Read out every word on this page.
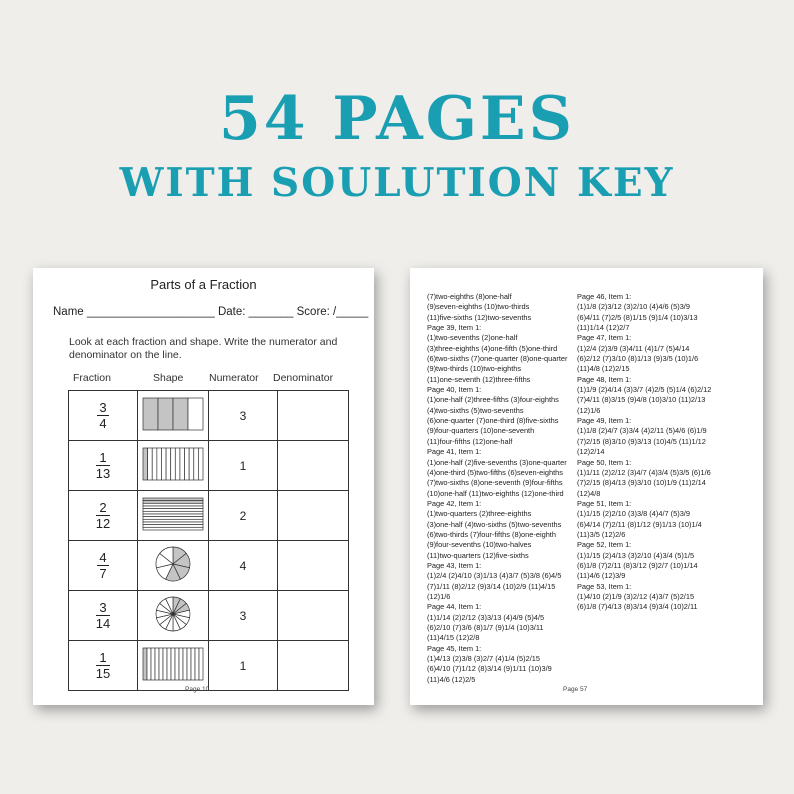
54 PAGES
WITH SOULUTION KEY
Parts of a Fraction
Name ____________________ Date: _______ Score: /_____
Look at each fraction and shape. Write the numerator and denominator on the line.
Fraction	Shape Numerator Denominator
$\frac{3}{4}$		3	

$\frac{1}{13}$		1	

$\frac{2}{12}$		2	

$\frac{4}{7}$		4	

$\frac{3}{14}$		3	

$\frac{1}{15}$		1	
Page 10
(7)two-eighths (8)one-half
(9)seven-eighths (10)two-thirds
(11)five-sixths (12)two-sevenths
Page 39, Item 1:
(1)two-sevenths (2)one-half
(3)three-eighths (4)one-fifth (5)one-third
(6)two-sixths (7)one-quarter (8)one-quarter
(9)two-thirds (10)two-eighths
(11)one-seventh (12)three-fifths
Page 40, Item 1:
(1)one-half (2)three-fifths (3)four-eighths
(4)two-sixths (5)two-sevenths
(6)one-quarter (7)one-third (8)five-sixths
(9)four-quarters (10)one-seventh
(11)four-fifths (12)one-half
Page 41, Item 1:
(1)one-half (2)five-sevenths (3)one-quarter
(4)one-third (5)two-fifths (6)seven-eighths
(7)two-sixths (8)one-seventh (9)four-fifths
(10)one-half (11)two-eighths (12)one-third
Page 42, Item 1:
(1)two-quarters (2)three-eighths
(3)one-half (4)two-sixths (5)two-sevenths
(6)two-thirds (7)four-fifths (8)one-eighth
(9)four-sevenths (10)two-halves
(11)two-quarters (12)five-sixths
Page 43, Item 1:
(1)2/4 (2)4/10 (3)1/13 (4)3/7 (5)3/8 (6)4/5
(7)1/11 (8)2/12 (9)3/14 (10)2/9 (11)4/15
(12)1/6
Page 44, Item 1:
(1)1/14 (2)2/12 (3)3/13 (4)4/9 (5)4/5
(6)2/10 (7)3/6 (8)1/7 (9)1/4 (10)3/11
(11)4/15 (12)2/8
Page 45, Item 1:
(1)4/13 (2)3/8 (3)2/7 (4)1/4 (5)2/15
(6)4/10 (7)1/12 (8)3/14 (9)1/11 (10)3/9
(11)4/6 (12)2/5
Page 46, Item 1:
(1)1/8 (2)3/12 (3)2/10 (4)4/6 (5)3/9
(6)4/11 (7)2/5 (8)1/15 (9)1/4 (10)3/13
(11)1/14 (12)2/7
Page 47, Item 1:
(1)2/4 (2)3/9 (3)4/11 (4)1/7 (5)4/14
(6)2/12 (7)3/10 (8)1/13 (9)3/5 (10)1/6
(11)4/8 (12)2/15
Page 48, Item 1:
(1)1/9 (2)4/14 (3)3/7 (4)2/5 (5)1/4 (6)2/12
(7)4/11 (8)3/15 (9)4/8 (10)3/10 (11)2/13
(12)1/6
Page 49, Item 1:
(1)1/8 (2)4/7 (3)3/4 (4)2/11 (5)4/6 (6)1/9
(7)2/15 (8)3/10 (9)3/13 (10)4/5 (11)1/12
(12)2/14
Page 50, Item 1:
(1)1/11 (2)2/12 (3)4/7 (4)3/4 (5)3/5 (6)1/6
(7)2/15 (8)4/13 (9)3/10 (10)1/9 (11)2/14
(12)4/8
Page 51, Item 1:
(1)1/15 (2)2/10 (3)3/8 (4)4/7 (5)3/9
(6)4/14 (7)2/11 (8)1/12 (9)1/13 (10)1/4
(11)3/5 (12)2/6
Page 52, Item 1:
(1)1/15 (2)4/13 (3)2/10 (4)3/4 (5)1/5
(6)1/8 (7)2/11 (8)3/12 (9)2/7 (10)1/14
(11)4/6 (12)3/9
Page 53, Item 1:
(1)4/10 (2)1/9 (3)2/12 (4)3/7 (5)2/15
(6)1/8 (7)4/13 (8)3/14 (9)3/4 (10)2/11
Page 57
